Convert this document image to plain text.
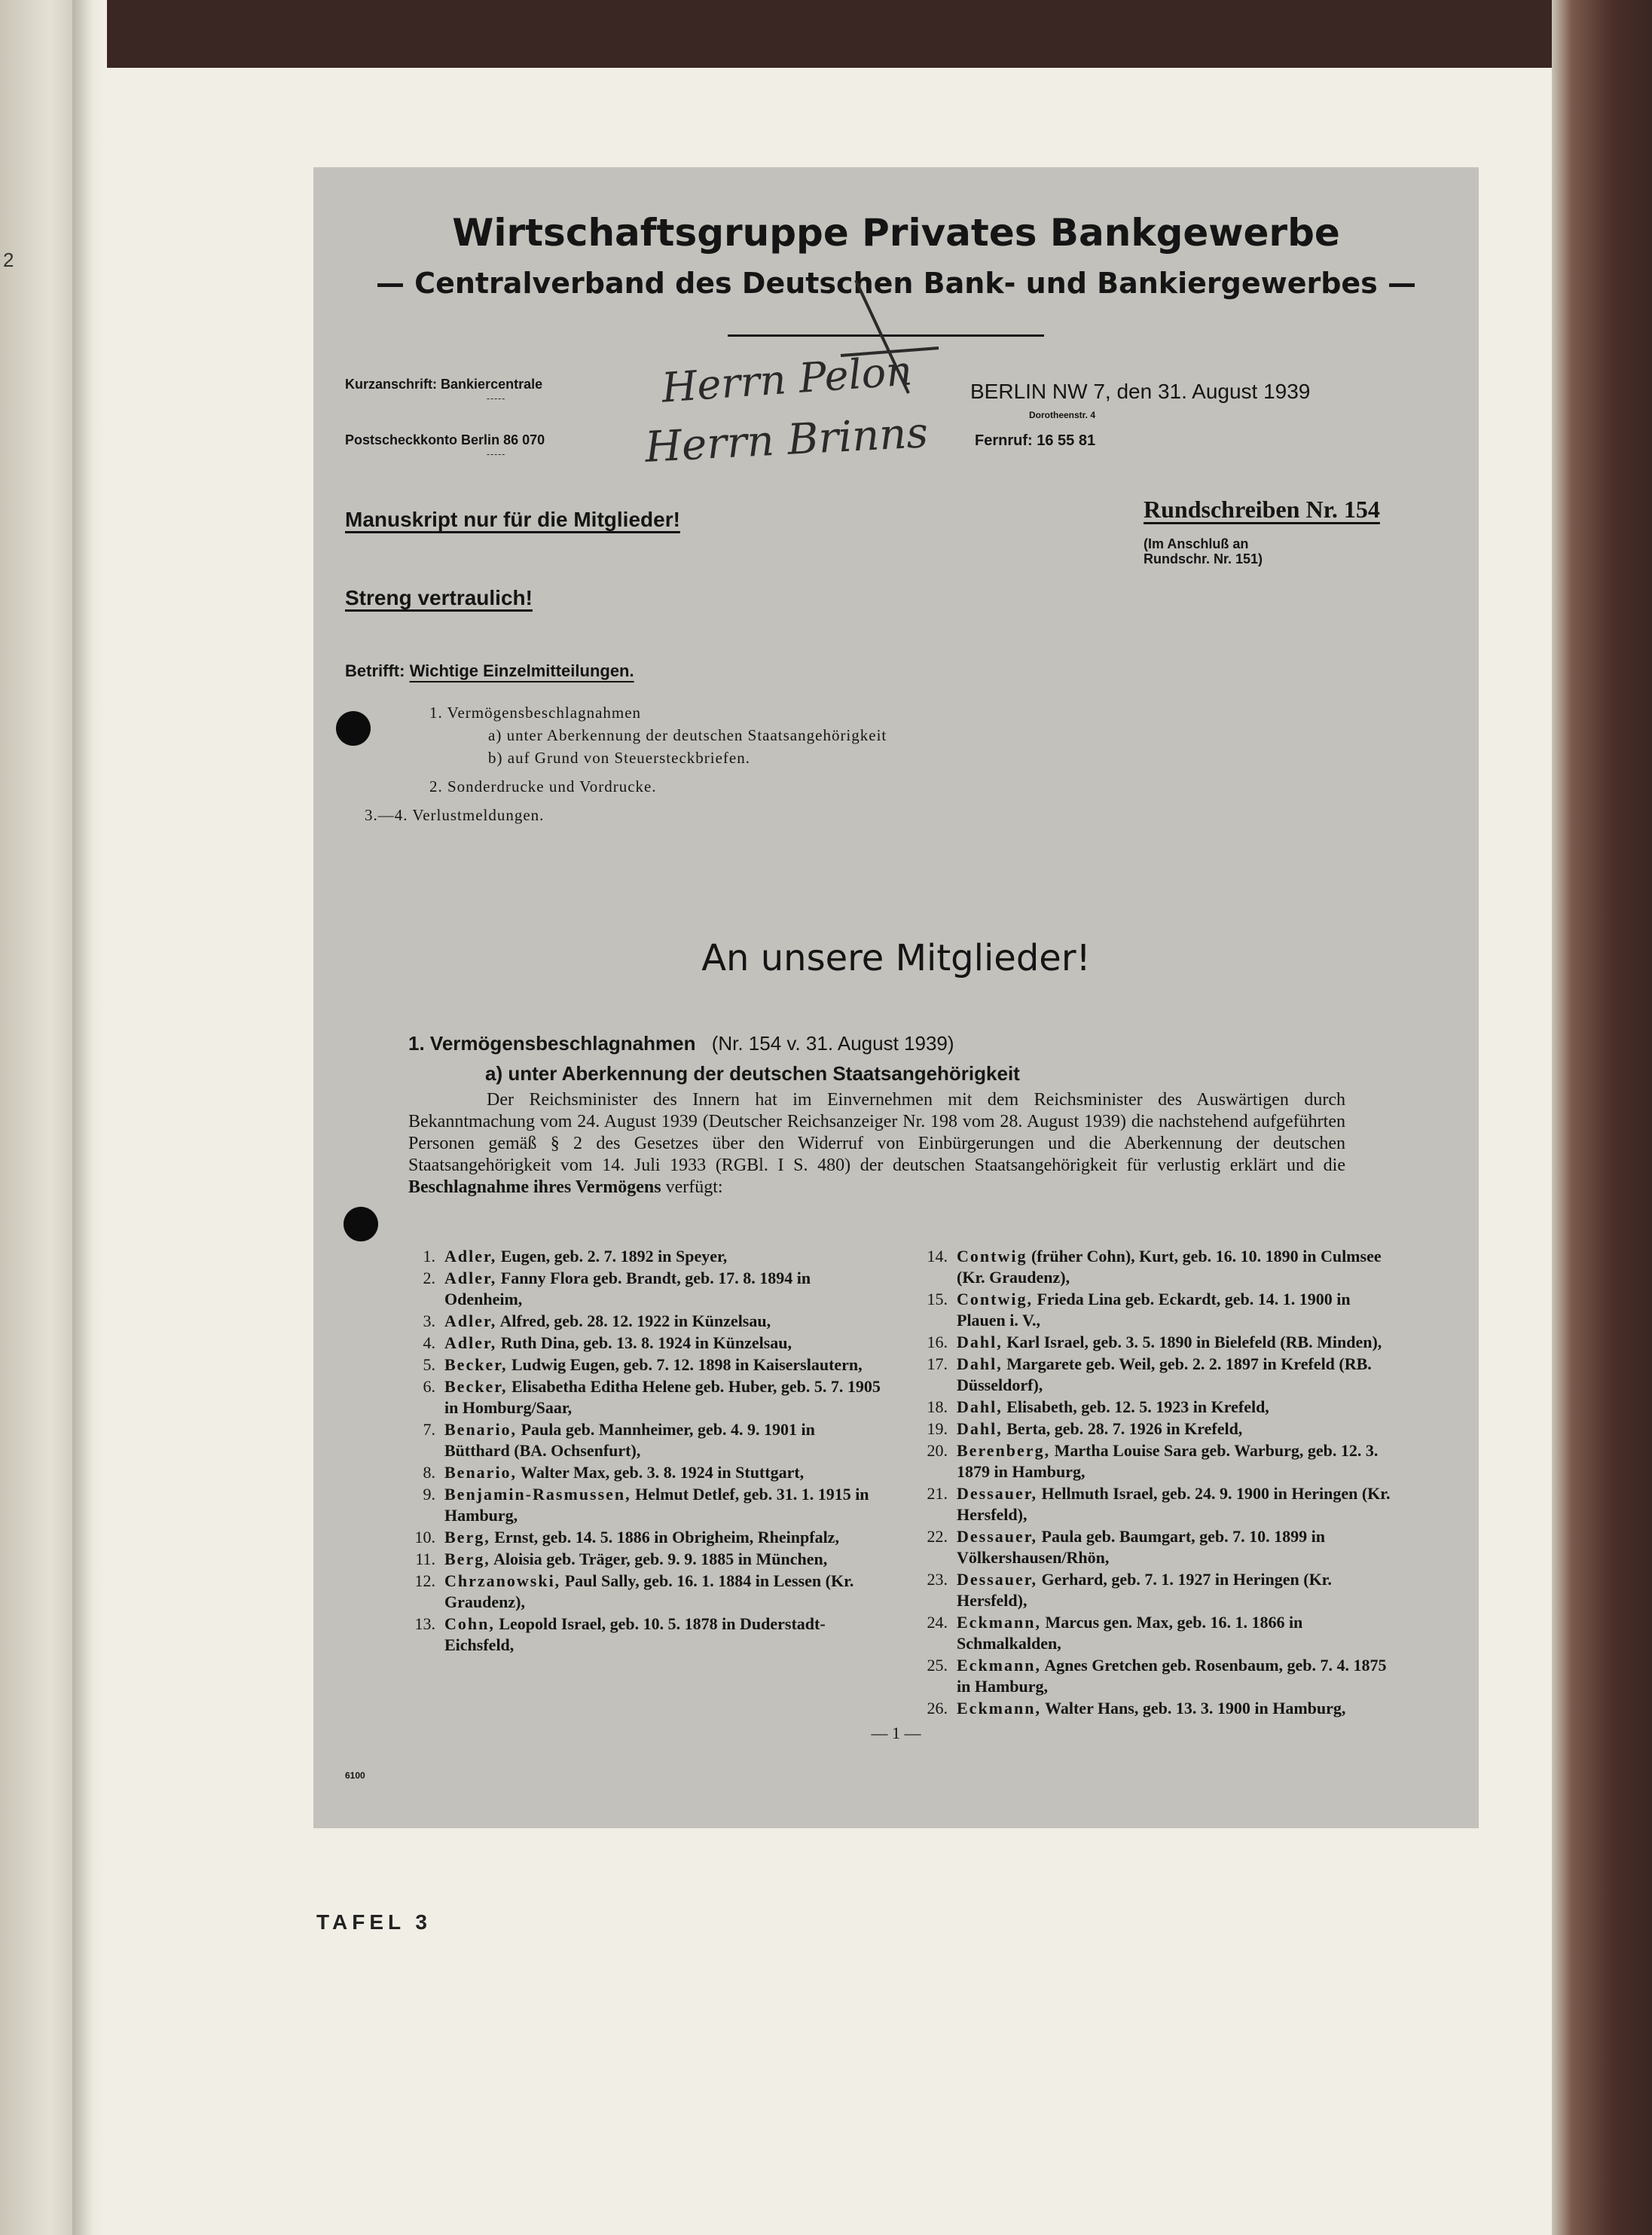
2
Wirtschaftsgruppe Privates Bankgewerbe
— Centralverband des Deutschen Bank- und Bankiergewerbes —
Kurzanschrift: Bankiercentrale
-----
Postscheckkonto Berlin 86 070
-----
Herrn Pelon
Herrn Brinns
BERLIN NW 7, den 31. August 1939
Dorotheenstr. 4
Fernruf: 16 55 81
Manuskript nur für die Mitglieder!
Streng vertraulich!
Rundschreiben Nr. 154
(Im Anschluß an
Rundschr. Nr. 151)
Betrifft: Wichtige Einzelmitteilungen.
1. Vermögensbeschlagnahmen
a) unter Aberkennung der deutschen Staatsangehörigkeit
b) auf Grund von Steuersteckbriefen.
2. Sonderdrucke und Vordrucke.
3.—4. Verlustmeldungen.
An unsere Mitglieder!
1. Vermögensbeschlagnahmen (Nr. 154 v. 31. August 1939)
a) unter Aberkennung der deutschen Staatsangehörigkeit
Der Reichsminister des Innern hat im Einvernehmen mit dem Reichsminister des Auswärtigen durch Bekanntmachung vom 24. August 1939 (Deutscher Reichsanzeiger Nr. 198 vom 28. August 1939) die nachstehend aufgeführten Personen gemäß § 2 des Gesetzes über den Widerruf von Einbürgerungen und die Aberkennung der deutschen Staatsangehörigkeit vom 14. Juli 1933 (RGBl. I S. 480) der deutschen Staatsangehörigkeit für verlustig erklärt und die Beschlagnahme ihres Vermögens verfügt:
1. Adler, Eugen, geb. 2. 7. 1892 in Speyer,
2. Adler, Fanny Flora geb. Brandt, geb. 17. 8. 1894 in Odenheim,
3. Adler, Alfred, geb. 28. 12. 1922 in Künzelsau,
4. Adler, Ruth Dina, geb. 13. 8. 1924 in Künzelsau,
5. Becker, Ludwig Eugen, geb. 7. 12. 1898 in Kaiserslautern,
6. Becker, Elisabetha Editha Helene geb. Huber, geb. 5. 7. 1905 in Homburg/Saar,
7. Benario, Paula geb. Mannheimer, geb. 4. 9. 1901 in Bütthard (BA. Ochsenfurt),
8. Benario, Walter Max, geb. 3. 8. 1924 in Stuttgart,
9. Benjamin-Rasmussen, Helmut Detlef, geb. 31. 1. 1915 in Hamburg,
10. Berg, Ernst, geb. 14. 5. 1886 in Obrigheim, Rheinpfalz,
11. Berg, Aloisia geb. Träger, geb. 9. 9. 1885 in München,
12. Chrzanowski, Paul Sally, geb. 16. 1. 1884 in Lessen (Kr. Graudenz),
13. Cohn, Leopold Israel, geb. 10. 5. 1878 in Duderstadt-Eichsfeld,
14. Contwig (früher Cohn), Kurt, geb. 16. 10. 1890 in Culmsee (Kr. Graudenz),
15. Contwig, Frieda Lina geb. Eckardt, geb. 14. 1. 1900 in Plauen i. V.,
16. Dahl, Karl Israel, geb. 3. 5. 1890 in Bielefeld (RB. Minden),
17. Dahl, Margarete geb. Weil, geb. 2. 2. 1897 in Krefeld (RB. Düsseldorf),
18. Dahl, Elisabeth, geb. 12. 5. 1923 in Krefeld,
19. Dahl, Berta, geb. 28. 7. 1926 in Krefeld,
20. Berenberg, Martha Louise Sara geb. Warburg, geb. 12. 3. 1879 in Hamburg,
21. Dessauer, Hellmuth Israel, geb. 24. 9. 1900 in Heringen (Kr. Hersfeld),
22. Dessauer, Paula geb. Baumgart, geb. 7. 10. 1899 in Völkershausen/Rhön,
23. Dessauer, Gerhard, geb. 7. 1. 1927 in Heringen (Kr. Hersfeld),
24. Eckmann, Marcus gen. Max, geb. 16. 1. 1866 in Schmalkalden,
25. Eckmann, Agnes Gretchen geb. Rosenbaum, geb. 7. 4. 1875 in Hamburg,
26. Eckmann, Walter Hans, geb. 13. 3. 1900 in Hamburg,
— 1 —
6100
TAFEL 3
